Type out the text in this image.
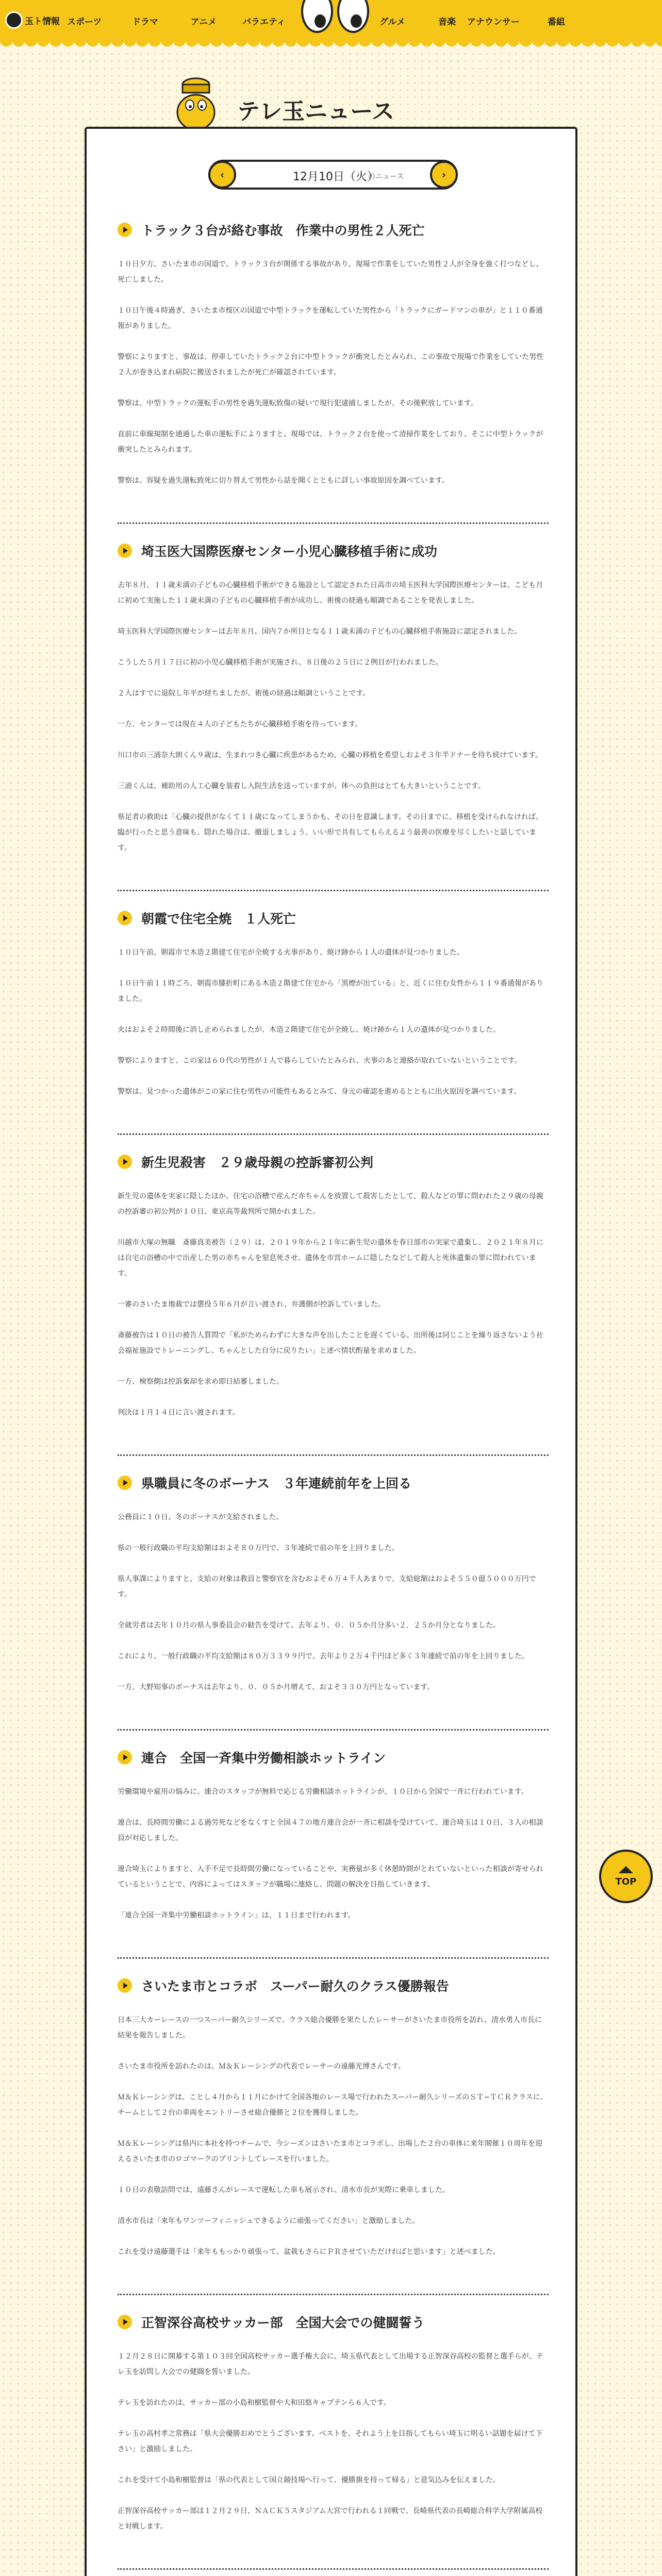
玉ト情報 スポーツ	ドラマ	アニメ	バラエティ	グルメ	音楽 アナウンサー	番組
テレ玉ニュース
‹	12月10日（火）
のニュース	›
トラック３台が絡む事故　作業中の男性２人死亡

１０日夕方、さいたま市の国道で、トラック３台が関係する事故があり、現場で作業をしていた男性２人が全身を強く打つなどし、死亡しました。

１０日午後４時過ぎ、さいたま市桜区の国道で中型トラックを運転していた男性から「トラックにガードマンの車が」と１１０番通報がありました。

警察によりますと、事故は、停車していたトラック２台に中型トラックが衝突したとみられ、この事故で現場で作業をしていた男性２人が巻き込まれ病院に搬送されましたが死亡が確認されています。

警察は、中型トラックの運転手の男性を過失運転致傷の疑いで現行犯逮捕しましたが、その後釈放しています。

直前に車線規制を通過した車の運転手によりますと、現場では、トラック２台を使って清掃作業をしており、そこに中型トラックが衝突したとみられます。

警察は、容疑を過失運転致死に切り替えて男性から話を聞くとともに詳しい事故原因を調べています。

埼玉医大国際医療センター小児心臓移植手術に成功

去年８月、１１歳未満の子どもの心臓移植手術ができる施設として認定された日高市の埼玉医科大学国際医療センターは、こども月に初めて実施した１１歳未満の子どもの心臓移植手術が成功し、術後の経過も順調であることを発表しました。

埼玉医科大学国際医療センターは去年８月、国内７か所目となる１１歳未満の子どもの心臓移植手術施設に認定されました。

こうした５月１７日に初の小児心臓移植手術が実施され、８日後の２５日に２例目が行われました。

２人はすでに退院し年平が経ちましたが、術後の経過は順調ということです。

一方、センターでは現在４人の子どもたちが心臓移植手術を待っています。

川口市の三浦奈大朗くん９歳は、生まれつき心臓に疾患があるため、心臓の移植を希望しおよそ３年半ドナーを待ち続けています。

三浦くんは、補助用の人工心臓を装着し入院生活を送っていますが、体への負担はとても大きいということです。

県足者の救助は「心臓の提供がなくて１１歳になってしまうかも、その日を意識します。その日までに、移植を受けられなければ、臨が行ったと思う意味も、隠れた場合は、撤退しましょう、いい形で共有してもらえるよう最善の医療を尽くしたいと話しています。

朝霞で住宅全焼　１人死亡

１０日午前、朝霞市で木造２階建て住宅が全焼する火事があり、焼け跡から１人の遺体が見つかりました。

１０日午前１１時ごろ、朝霞市膝折町にある木造２階建て住宅から「黒煙が出ている」と、近くに住む女性から１１９番通報がありました。

火はおよそ２時間後に消し止められましたが、木造２階建て住宅が全焼し、焼け跡から１人の遺体が見つかりました。

警察によりますと、この家は６０代の男性が１人で暮らしていたとみられ、火事のあと連絡が取れていないということです。

警察は、見つかった遺体がこの家に住む男性の可能性もあるとみて、身元の確認を進めるとともに出火原因を調べています。

新生児殺害　２９歳母親の控訴審初公判

新生児の遺体を実家に隠したほか、住宅の浴槽で産んだ赤ちゃんを放置して殺害したとして、殺人などの罪に問われた２９歳の母親の控訴審の初公判が１０日、東京高等裁判所で開かれました。

川越市大塚の無職　斎藤真美被告（２９）は、２０１９年から２１年に新生児の遺体を春日部市の実家で遺棄し、２０２１年８月には自宅の浴槽の中で出産した男の赤ちゃんを窒息死させ、遺体を市営ホームに隠したなどして殺人と死体遺棄の罪に問われています。

一審のさいたま地裁では懲役５年６月が言い渡され、弁護側が控訴していました。

斎藤被告は１０日の被告人質問で「私がためらわずに大きな声を出したことを遅くている。出所後は同じことを繰り返さないよう社会福祉施設でトレーニングし、ちゃんとした自分に戻りたい」と述べ情状酌量を求めました。

一方、検察側は控訴棄却を求め即日結審しました。

判決は１月１４日に言い渡されます。

県職員に冬のボーナス　３年連続前年を上回る

公務員に１０日、冬のボーナスが支給されました。

県の一般行政職の平均支給額はおよそ８０万円で、３年連続で前の年を上回りました。

県人事課によりますと、支給の対象は教員と警察官を含むおよそ６万４千人あまりで、支給総額はおよそ５５０億５０００万円です。

全就労者は去年１０月の県人事委員会の勧告を受けて、去年より、０．０５か月分多い２．２５か月分となりました。

これにより、一般行政職の平均支給額は８０万３３９９円で、去年より２万４千円ほど多く３年連続で前の年を上回りました。

一方、大野知事のボーナスは去年より、０．０５か月増えて、およそ３３０万円となっています。

連合　全国一斉集中労働相談ホットライン

労働環境や雇用の悩みに、連合のスタッフが無料で応じる労働相談ホットラインが、１０日から全国で一斉に行われています。

連合は、長時間労働による過労死などをなくすと全国４７の地方連合会が一斉に相談を受けていて、連合埼玉は１０日、３人の相談員が対応しました。

連合埼玉によりますと、入手不足で長時間労働になっていることや、実務量が多く休憩時間がとれていないといった相談が寄せられているということで、内容によってはスタッフが職場に連絡し、問題の解決を目指していきます。

「連合全国一斉集中労働相談ホットライン」は、１１日まで行われます。

さいたま市とコラボ　スーパー耐久のクラス優勝報告

日本三大カーレースの一つスーパー耐久シリーズで、クラス総合優勝を果たしたレーサーがさいたま市役所を訪れ、清水勇人市長に結果を報告しました。

さいたま市役所を訪れたのは、Ｍ＆Ｋレーシングの代表でレーサーの遠藤光博さんです。

Ｍ＆Ｋレーシングは、ことし４月から１１月にかけて全国各地のレース場で行われたスーパー耐久シリーズのＳＴ−ＴＣＲクラスに、チームとして２台の車両をエントリーさせ総合優勝と２位を獲得しました。

Ｍ＆Ｋレーシングは県内に本社を持つチームで、今シーズンはさいたま市とコラボし、出場した２台の車体に来年開催１０周年を迎えるさいたま市のロゴマークのプリントしてレースを行いました。

１０日の表敬訪問では、遠藤さんがレースで運転した車も展示され、清水市長が実際に乗車しました。

清水市長は「来年もワンツーフィニッシュできるように頑張ってください」と激励しました。

これを受け遠藤選手は「来年ももっかり頑張って、盆栽もさらにＰＲさせていただければと思います」と述べました。

正智深谷高校サッカー部　全国大会での健闘誓う

１２月２８日に開幕する第１０３回全国高校サッカー選手権大会に、埼玉県代表として出場する正智深谷高校の監督と選手らが、テレ玉を訪問し大会での健闘を誓いました。

テレ玉を訪れたのは、サッカー部の小島和樹監督や大和田悠キャプテンら６人です。

テレ玉の高村孝之常務は「県大会優勝おめでとうございます。ベストを、それよう上を目指してもらい埼玉に明るい話題を届けて下さい」と激励しました。

これを受けて小島和樹監督は「県の代表として国立競技場へ行って、優勝旗を持って帰る」と意気込みを伝えました。

正智深谷高校サッカー部は１２月２９日、ＮＡＣＫ５スタジアム大宮で行われる１回戦で、長崎県代表の長崎総合科学大学附属高校と対戦します。

TOP
